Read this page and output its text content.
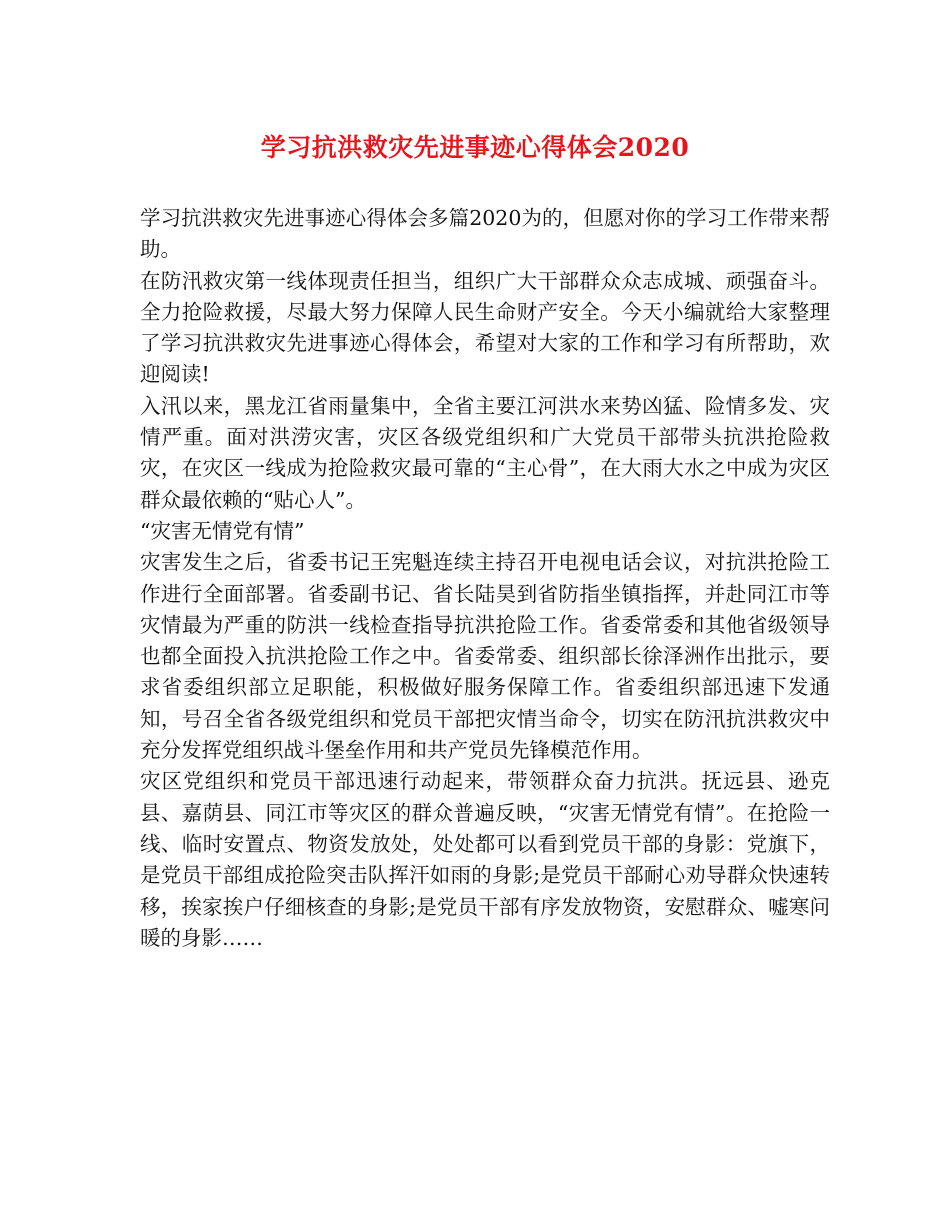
学习抗洪救灾先进事迹心得体会2020

学习抗洪救灾先进事迹心得体会多篇2020为的，但愿对你的学习工作带来帮助。

在防汛救灾第一线体现责任担当，组织广大干部群众众志成城、顽强奋斗。全力抢险救援，尽最大努力保障人民生命财产安全。今天小编就给大家整理了学习抗洪救灾先进事迹心得体会，希望对大家的工作和学习有所帮助，欢迎阅读!

入汛以来，黑龙江省雨量集中，全省主要江河洪水来势凶猛、险情多发、灾情严重。面对洪涝灾害，灾区各级党组织和广大党员干部带头抗洪抢险救灾，在灾区一线成为抢险救灾最可靠的“主心骨”，在大雨大水之中成为灾区群众最依赖的“贴心人”。

“灾害无情党有情”

灾害发生之后，省委书记王宪魁连续主持召开电视电话会议，对抗洪抢险工作进行全面部署。省委副书记、省长陆昊到省防指坐镇指挥，并赴同江市等灾情最为严重的防洪一线检查指导抗洪抢险工作。省委常委和其他省级领导也都全面投入抗洪抢险工作之中。省委常委、组织部长徐泽洲作出批示，要求省委组织部立足职能，积极做好服务保障工作。省委组织部迅速下发通知，号召全省各级党组织和党员干部把灾情当命令，切实在防汛抗洪救灾中充分发挥党组织战斗堡垒作用和共产党员先锋模范作用。

灾区党组织和党员干部迅速行动起来，带领群众奋力抗洪。抚远县、逊克县、嘉荫县、同江市等灾区的群众普遍反映，“灾害无情党有情”。在抢险一线、临时安置点、物资发放处，处处都可以看到党员干部的身影：党旗下，是党员干部组成抢险突击队挥汗如雨的身影;是党员干部耐心劝导群众快速转移，挨家挨户仔细核查的身影;是党员干部有序发放物资，安慰群众、嘘寒问暖的身影……
